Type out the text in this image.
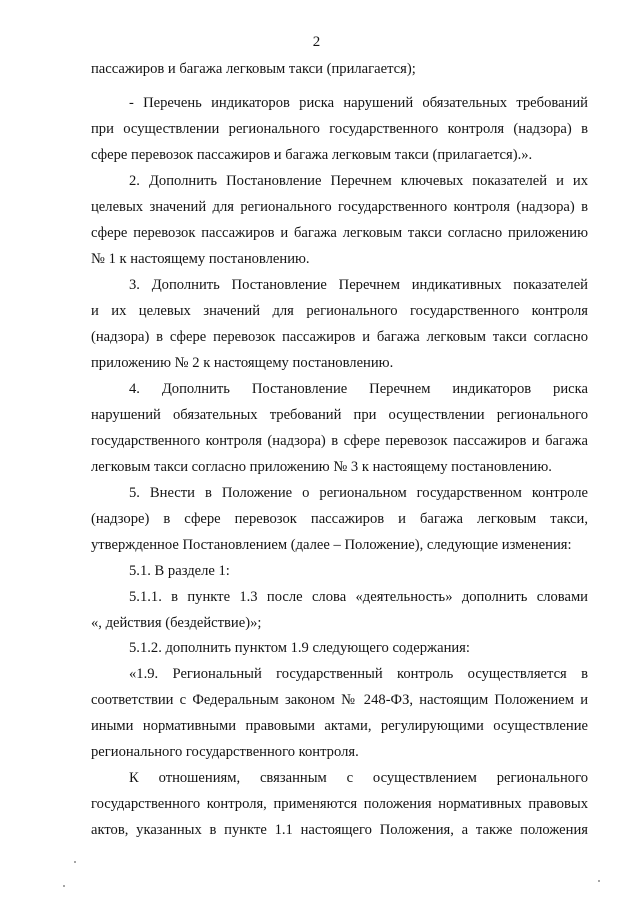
2
пассажиров и багажа легковым такси (прилагается);
- Перечень индикаторов риска нарушений обязательных требований
при осуществлении регионального государственного контроля (надзора) в
сфере перевозок пассажиров и багажа легковым такси (прилагается).».
2. Дополнить Постановление Перечнем ключевых показателей и их
целевых значений для регионального государственного контроля (надзора) в
сфере перевозок пассажиров и багажа легковым такси согласно приложению
№ 1 к настоящему постановлению.
3. Дополнить Постановление Перечнем индикативных показателей
и их целевых значений для регионального государственного контроля
(надзора) в сфере перевозок пассажиров и багажа легковым такси согласно
приложению № 2 к настоящему постановлению.
4. Дополнить Постановление Перечнем индикаторов риска
нарушений обязательных требований при осуществлении регионального
государственного контроля (надзора) в сфере перевозок пассажиров и багажа
легковым такси согласно приложению № 3 к настоящему постановлению.
5. Внести в Положение о региональном государственном контроле
(надзоре) в сфере перевозок пассажиров и багажа легковым такси,
утвержденное Постановлением (далее – Положение), следующие изменения:
5.1. В разделе 1:
5.1.1. в пункте 1.3 после слова «деятельность» дополнить словами
«, действия (бездействие)»;
5.1.2. дополнить пунктом 1.9 следующего содержания:
«1.9. Региональный государственный контроль осуществляется в
соответствии с Федеральным законом № 248-ФЗ, настоящим Положением и
иными нормативными правовыми актами, регулирующими осуществление
регионального государственного контроля.
К отношениям, связанным с осуществлением регионального
государственного контроля, применяются положения нормативных правовых
актов, указанных в пункте 1.1 настоящего Положения, а также положения
